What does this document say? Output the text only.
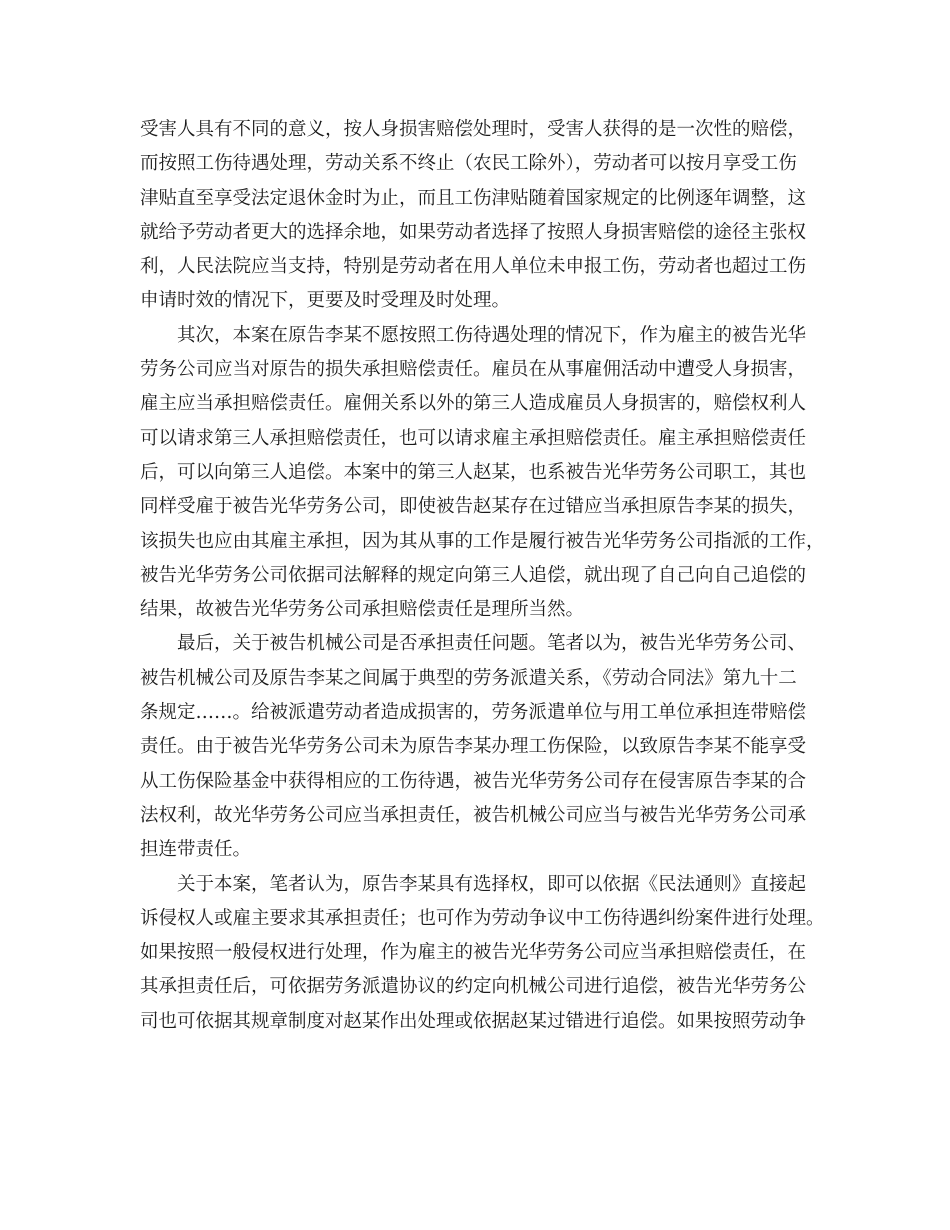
受害人具有不同的意义，按人身损害赔偿处理时，受害人获得的是一次性的赔偿，
而按照工伤待遇处理，劳动关系不终止（农民工除外），劳动者可以按月享受工伤
津贴直至享受法定退休金时为止，而且工伤津贴随着国家规定的比例逐年调整，这
就给予劳动者更大的选择余地，如果劳动者选择了按照人身损害赔偿的途径主张权
利，人民法院应当支持，特别是劳动者在用人单位未申报工伤，劳动者也超过工伤
申请时效的情况下，更要及时受理及时处理。
其次，本案在原告李某不愿按照工伤待遇处理的情况下，作为雇主的被告光华
劳务公司应当对原告的损失承担赔偿责任。雇员在从事雇佣活动中遭受人身损害，
雇主应当承担赔偿责任。雇佣关系以外的第三人造成雇员人身损害的，赔偿权利人
可以请求第三人承担赔偿责任，也可以请求雇主承担赔偿责任。雇主承担赔偿责任
后，可以向第三人追偿。本案中的第三人赵某，也系被告光华劳务公司职工，其也
同样受雇于被告光华劳务公司，即使被告赵某存在过错应当承担原告李某的损失，
该损失也应由其雇主承担，因为其从事的工作是履行被告光华劳务公司指派的工作，
被告光华劳务公司依据司法解释的规定向第三人追偿，就出现了自己向自己追偿的
结果，故被告光华劳务公司承担赔偿责任是理所当然。
最后，关于被告机械公司是否承担责任问题。笔者以为，被告光华劳务公司、
被告机械公司及原告李某之间属于典型的劳务派遣关系，《劳动合同法》第九十二
条规定……。给被派遣劳动者造成损害的，劳务派遣单位与用工单位承担连带赔偿
责任。由于被告光华劳务公司未为原告李某办理工伤保险，以致原告李某不能享受
从工伤保险基金中获得相应的工伤待遇，被告光华劳务公司存在侵害原告李某的合
法权利，故光华劳务公司应当承担责任，被告机械公司应当与被告光华劳务公司承
担连带责任。
关于本案，笔者认为，原告李某具有选择权，即可以依据《民法通则》直接起
诉侵权人或雇主要求其承担责任；也可作为劳动争议中工伤待遇纠纷案件进行处理。
如果按照一般侵权进行处理，作为雇主的被告光华劳务公司应当承担赔偿责任，在
其承担责任后，可依据劳务派遣协议的约定向机械公司进行追偿，被告光华劳务公
司也可依据其规章制度对赵某作出处理或依据赵某过错进行追偿。如果按照劳动争
